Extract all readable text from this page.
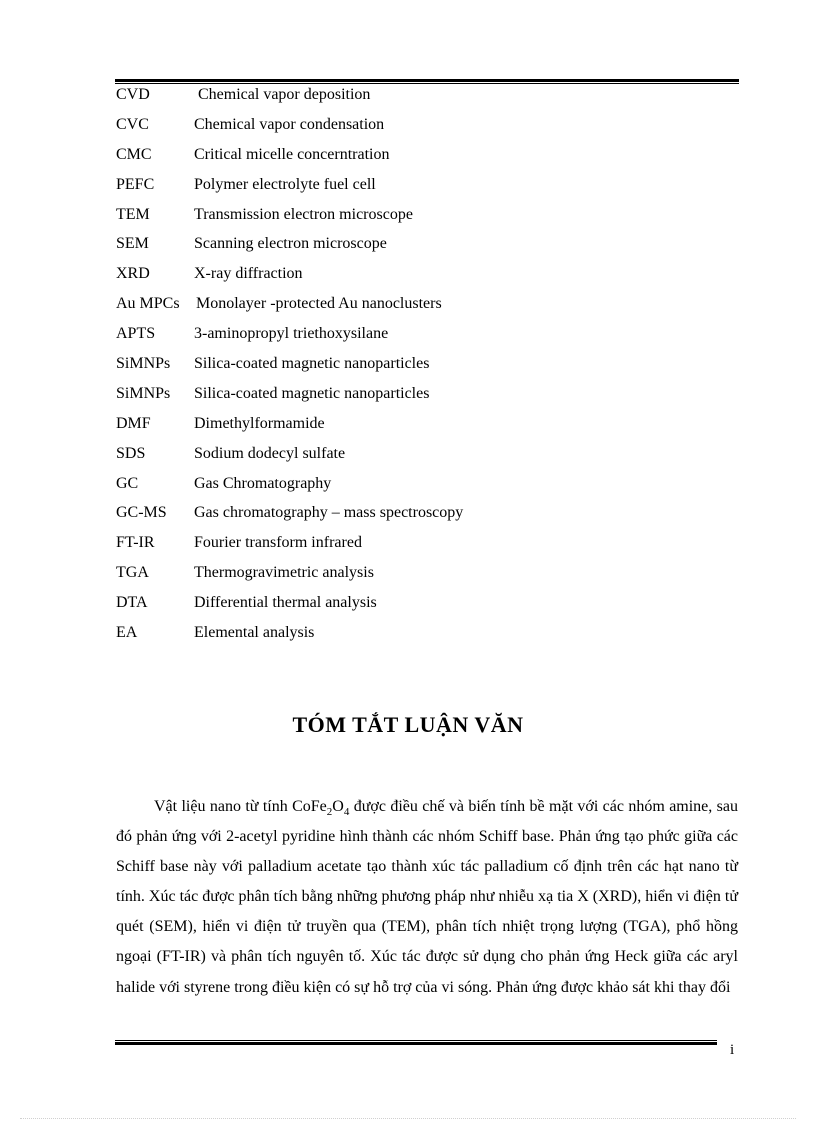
CVD	Chemical vapor deposition
CVC	Chemical vapor condensation
CMC	Critical micelle concerntration
PEFC Polymer electrolyte fuel cell
TEM	Transmission electron microscope
SEM	Scanning electron microscope
XRD	X-ray diffraction
Au MPCs Monolayer -protected Au nanoclusters
APTS 3-aminopropyl triethoxysilane
SiMNPs Silica-coated magnetic nanoparticles
SiMNPs Silica-coated magnetic nanoparticles
DMF	Dimethylformamide
SDS	Sodium dodecyl sulfate
GC	Gas Chromatography
GC-MS Gas chromatography – mass spectroscopy
FT-IR Fourier transform infrared
TGA	Thermogravimetric analysis
DTA	Differential thermal analysis
EA	Elemental analysis
TÓM TẮT LUẬN VĂN

Vật liệu nano từ tính $CoFe_2O_4$ được điều chế và biến tính bề mặt với các nhóm amine, sau đó phản ứng với 2-acetyl pyridine hình thành các nhóm Schiff base. Phản ứng tạo phức giữa các Schiff base này với palladium acetate tạo thành xúc tác palladium cố định trên các hạt nano từ tính. Xúc tác được phân tích bằng những phương pháp như nhiễu xạ tia X (XRD), hiển vi điện tử quét (SEM), hiển vi điện tử truyền qua (TEM), phân tích nhiệt trọng lượng (TGA), phổ hồng ngoại (FT-IR) và phân tích nguyên tố. Xúc tác được sử dụng cho phản ứng Heck giữa các aryl halide với styrene trong điều kiện có sự hỗ trợ của vi sóng. Phản ứng được khảo sát khi thay đổi

i
